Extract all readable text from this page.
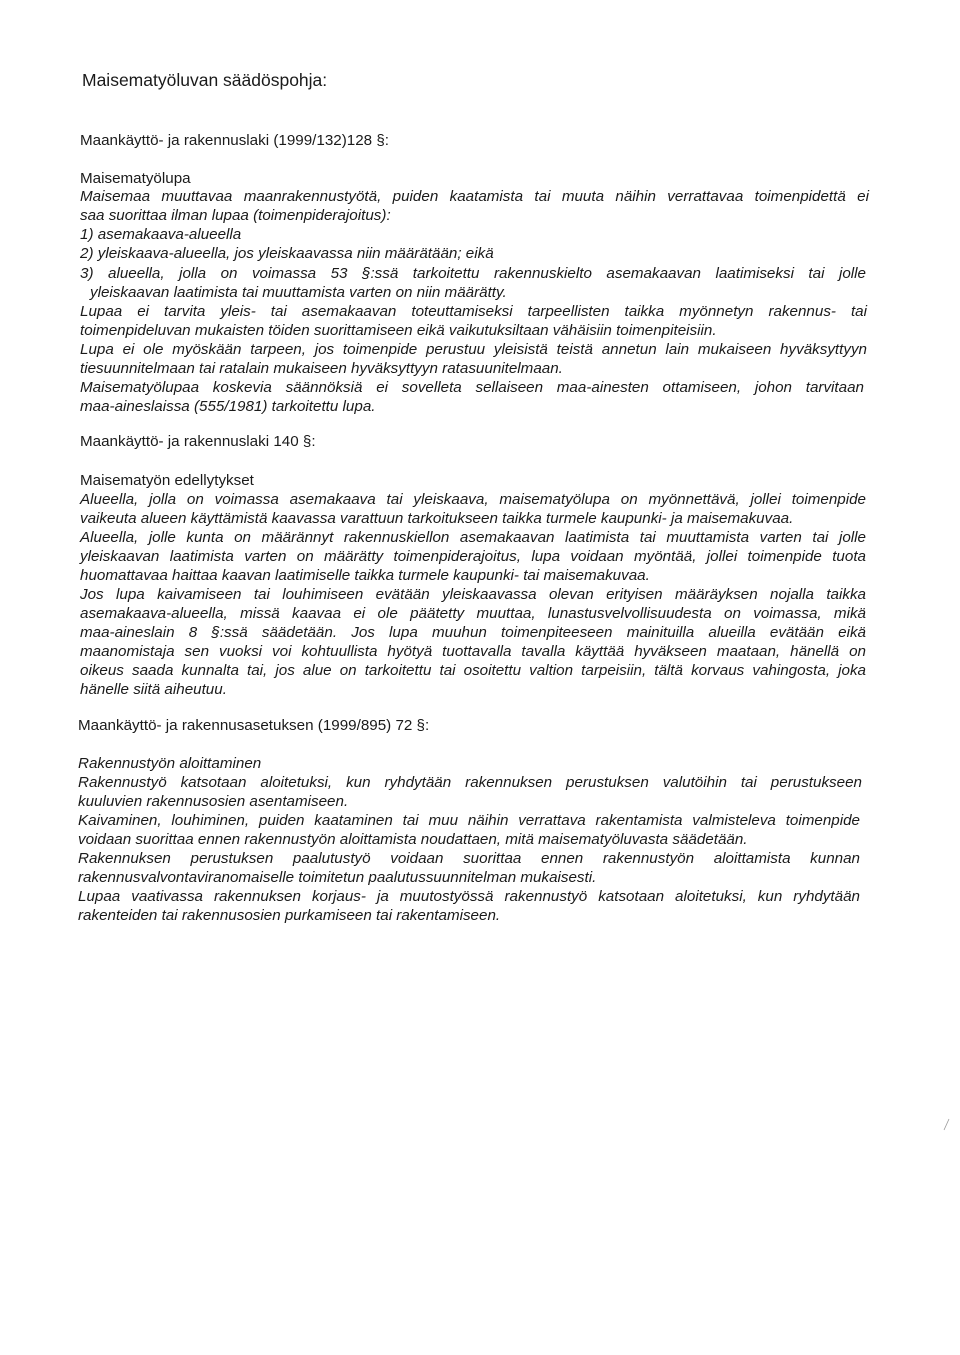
Maisematyöluvan säädöspohja:
Maankäyttö- ja rakennuslaki (1999/132)128 §:
Maisematyölupa
Maisemaa muuttavaa maanrakennustyötä, puiden kaatamista tai muuta näihin verrattavaa toimenpidettä ei
saa suorittaa ilman lupaa (toimenpiderajoitus):
1) asemakaava-alueella
2) yleiskaava-alueella, jos yleiskaavassa niin määrätään; eikä
3) alueella, jolla on voimassa 53 §:ssä tarkoitettu rakennuskielto asemakaavan laatimiseksi tai jolle
yleiskaavan laatimista tai muuttamista varten on niin määrätty.
Lupaa ei tarvita yleis- tai asemakaavan toteuttamiseksi tarpeellisten taikka myönnetyn rakennus- tai
toimenpideluvan mukaisten töiden suorittamiseen eikä vaikutuksiltaan vähäisiin toimenpiteisiin.
Lupa ei ole myöskään tarpeen, jos toimenpide perustuu yleisistä teistä annetun lain mukaiseen hyväksyttyyn
tiesuunnitelmaan tai ratalain mukaiseen hyväksyttyyn ratasuunitelmaan.
Maisematyölupaa koskevia säännöksiä ei sovelleta sellaiseen maa-ainesten ottamiseen, johon tarvitaan
maa-aineslaissa (555/1981) tarkoitettu lupa.
Maankäyttö- ja rakennuslaki 140 §:
Maisematyön edellytykset
Alueella, jolla on voimassa asemakaava tai yleiskaava, maisematyölupa on myönnettävä, jollei toimenpide
vaikeuta alueen käyttämistä kaavassa varattuun tarkoitukseen taikka turmele kaupunki- ja maisemakuvaa.
Alueella, jolle kunta on määrännyt rakennuskiellon asemakaavan laatimista tai muuttamista varten tai jolle
yleiskaavan laatimista varten on määrätty toimenpiderajoitus, lupa voidaan myöntää, jollei toimenpide tuota
huomattavaa haittaa kaavan laatimiselle taikka turmele kaupunki- tai maisemakuvaa.
Jos lupa kaivamiseen tai louhimiseen evätään yleiskaavassa olevan erityisen määräyksen nojalla taikka
asemakaava-alueella, missä kaavaa ei ole päätetty muuttaa, lunastusvelvollisuudesta on voimassa, mikä
maa-aineslain 8 §:ssä säädetään. Jos lupa muuhun toimenpiteeseen mainituilla alueilla evätään eikä
maanomistaja sen vuoksi voi kohtuullista hyötyä tuottavalla tavalla käyttää hyväkseen maataan, hänellä on
oikeus saada kunnalta tai, jos alue on tarkoitettu tai osoitettu valtion tarpeisiin, tältä korvaus vahingosta, joka
hänelle siitä aiheutuu.
Maankäyttö- ja rakennusasetuksen (1999/895) 72 §:
Rakennustyön aloittaminen
Rakennustyö katsotaan aloitetuksi, kun ryhdytään rakennuksen perustuksen valutöihin tai perustukseen
kuuluvien rakennusosien asentamiseen.
Kaivaminen, louhiminen, puiden kaataminen tai muu näihin verrattava rakentamista valmisteleva toimenpide
voidaan suorittaa ennen rakennustyön aloittamista noudattaen, mitä maisematyöluvasta säädetään.
Rakennuksen perustuksen paalutustyö voidaan suorittaa ennen rakennustyön aloittamista kunnan
rakennusvalvontaviranomaiselle toimitetun paalutussuunnitelman mukaisesti.
Lupaa vaativassa rakennuksen korjaus- ja muutostyössä rakennustyö katsotaan aloitetuksi, kun ryhdytään
rakenteiden tai rakennusosien purkamiseen tai rakentamiseen.
